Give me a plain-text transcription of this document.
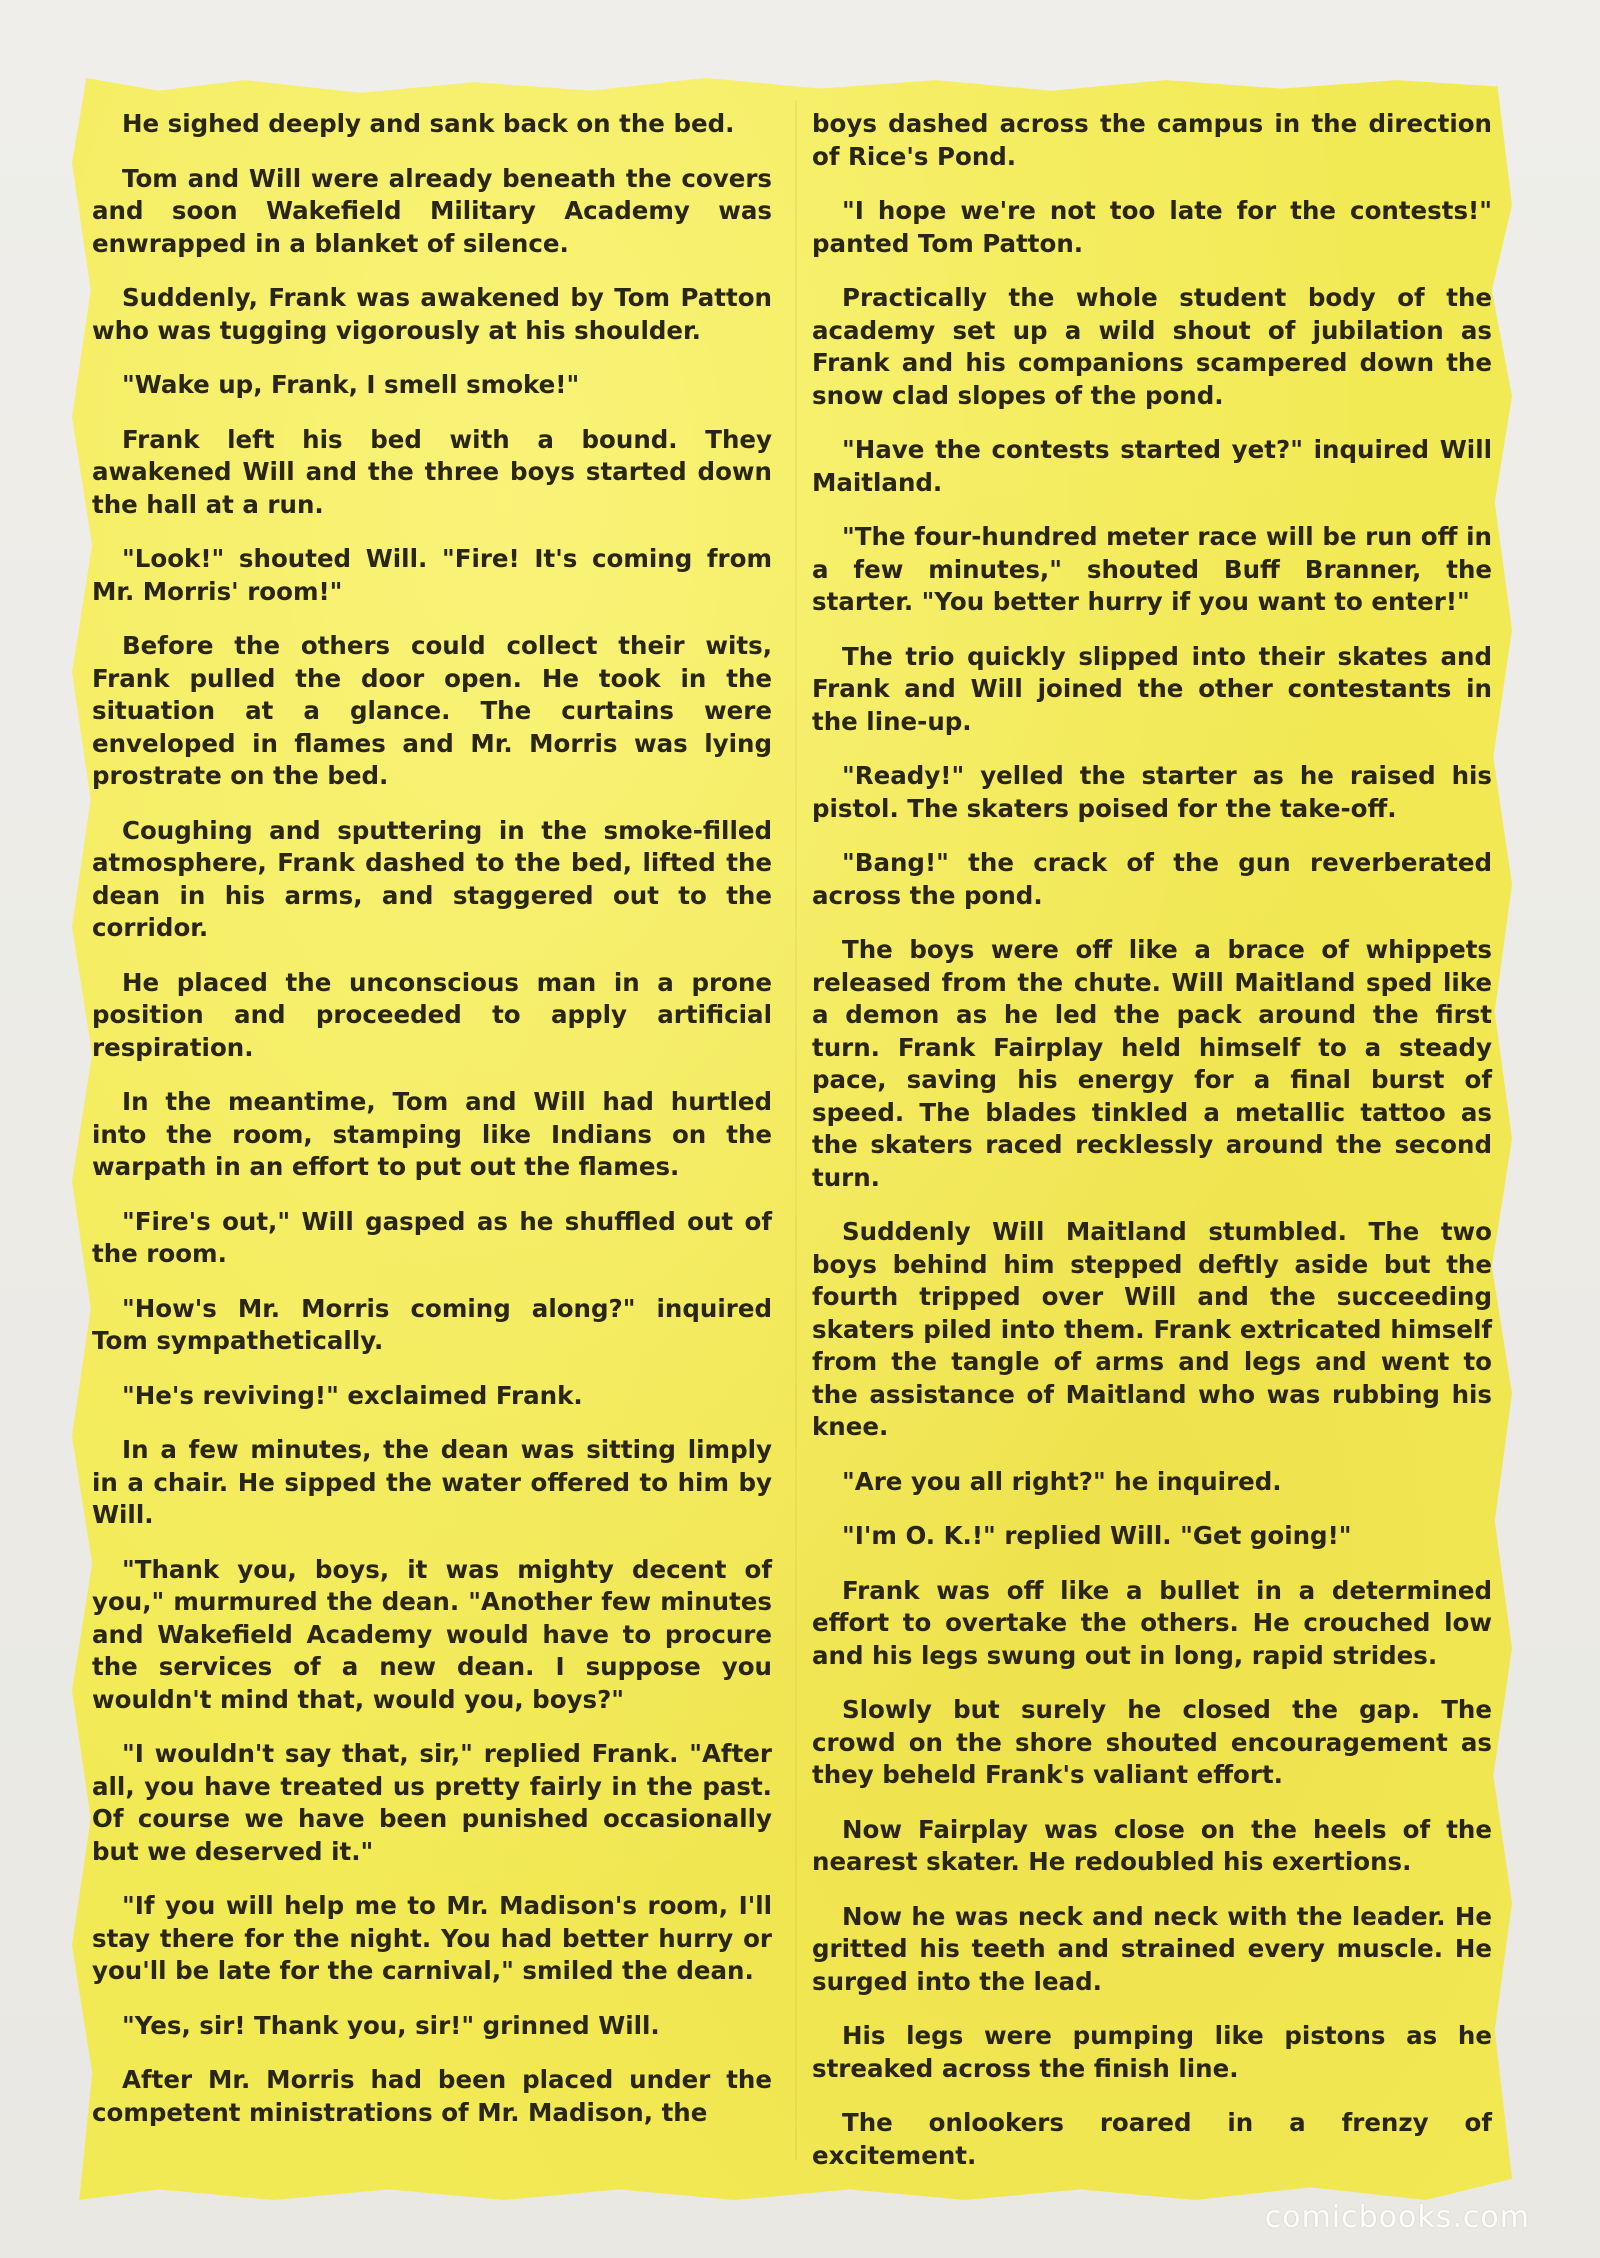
He sighed deeply and sank back on the bed.

Tom and Will were already beneath the covers and soon Wakefield Military Academy was enwrapped in a blanket of silence.

Suddenly, Frank was awakened by Tom Patton who was tugging vigorously at his shoulder.

"Wake up, Frank, I smell smoke!"

Frank left his bed with a bound. They awakened Will and the three boys started down the hall at a run.

"Look!" shouted Will. "Fire! It's coming from Mr. Morris' room!"

Before the others could collect their wits, Frank pulled the door open. He took in the situation at a glance. The curtains were enveloped in flames and Mr. Morris was lying prostrate on the bed.

Coughing and sputtering in the smoke-filled atmosphere, Frank dashed to the bed, lifted the dean in his arms, and staggered out to the corridor.

He placed the unconscious man in a prone position and proceeded to apply artificial respiration.

In the meantime, Tom and Will had hurtled into the room, stamping like Indians on the warpath in an effort to put out the flames.

"Fire's out," Will gasped as he shuffled out of the room.

"How's Mr. Morris coming along?" inquired Tom sympathetically.

"He's reviving!" exclaimed Frank.

In a few minutes, the dean was sitting limply in a chair. He sipped the water offered to him by Will.

"Thank you, boys, it was mighty decent of you," murmured the dean. "Another few minutes and Wakefield Academy would have to procure the services of a new dean. I suppose you wouldn't mind that, would you, boys?"

"I wouldn't say that, sir," replied Frank. "After all, you have treated us pretty fairly in the past. Of course we have been punished occasionally but we deserved it."

"If you will help me to Mr. Madison's room, I'll stay there for the night. You had better hurry or you'll be late for the carnival," smiled the dean.

"Yes, sir! Thank you, sir!" grinned Will.

After Mr. Morris had been placed under the competent ministrations of Mr. Madison, the

boys dashed across the campus in the direction of Rice's Pond.

"I hope we're not too late for the contests!" panted Tom Patton.

Practically the whole student body of the academy set up a wild shout of jubilation as Frank and his companions scampered down the snow clad slopes of the pond.

"Have the contests started yet?" inquired Will Maitland.

"The four-hundred meter race will be run off in a few minutes," shouted Buff Branner, the starter. "You better hurry if you want to enter!"

The trio quickly slipped into their skates and Frank and Will joined the other contestants in the line-up.

"Ready!" yelled the starter as he raised his pistol. The skaters poised for the take-off.

"Bang!" the crack of the gun reverberated across the pond.

The boys were off like a brace of whippets released from the chute. Will Maitland sped like a demon as he led the pack around the first turn. Frank Fairplay held himself to a steady pace, saving his energy for a final burst of speed. The blades tinkled a metallic tattoo as the skaters raced recklessly around the second turn.

Suddenly Will Maitland stumbled. The two boys behind him stepped deftly aside but the fourth tripped over Will and the succeeding skaters piled into them. Frank extricated himself from the tangle of arms and legs and went to the assistance of Maitland who was rubbing his knee.

"Are you all right?" he inquired.

"I'm O. K.!" replied Will. "Get going!"

Frank was off like a bullet in a determined effort to overtake the others. He crouched low and his legs swung out in long, rapid strides.

Slowly but surely he closed the gap. The crowd on the shore shouted encouragement as they beheld Frank's valiant effort.

Now Fairplay was close on the heels of the nearest skater. He redoubled his exertions.

Now he was neck and neck with the leader. He gritted his teeth and strained every muscle. He surged into the lead.

His legs were pumping like pistons as he streaked across the finish line.

The onlookers roared in a frenzy of excitement.

comicbooks.com
